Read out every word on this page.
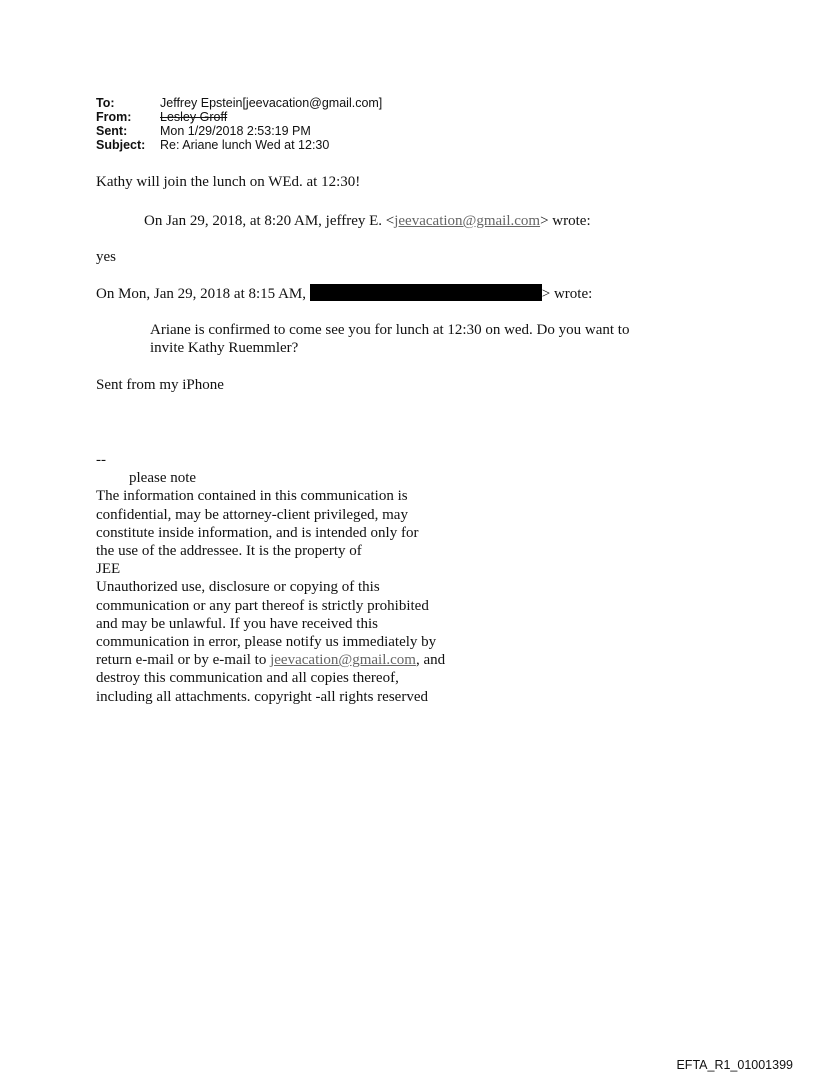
To:	Jeffrey Epstein[jeevacation@gmail.com]
From:	Lesley Groff
Sent:	Mon 1/29/2018 2:53:19 PM
Subject:	Re: Ariane lunch Wed at 12:30
Kathy will join the lunch on WEd. at 12:30!
On Jan 29, 2018, at 8:20 AM, jeffrey E. <jeevacation@gmail.com> wrote:
yes
On Mon, Jan 29, 2018 at 8:15 AM,	> wrote:
Ariane is confirmed to come see you for lunch at 12:30 on wed. Do you want to
invite Kathy Ruemmler?
Sent from my iPhone
--
please note
The information contained in this communication is
confidential, may be attorney-client privileged, may
constitute inside information, and is intended only for
the use of the addressee. It is the property of
JEE
Unauthorized use, disclosure or copying of this
communication or any part thereof is strictly prohibited
and may be unlawful. If you have received this
communication in error, please notify us immediately by
return e-mail or by e-mail to jeevacation@gmail.com, and
destroy this communication and all copies thereof,
including all attachments. copyright -all rights reserved
EFTA_R1_01001399
